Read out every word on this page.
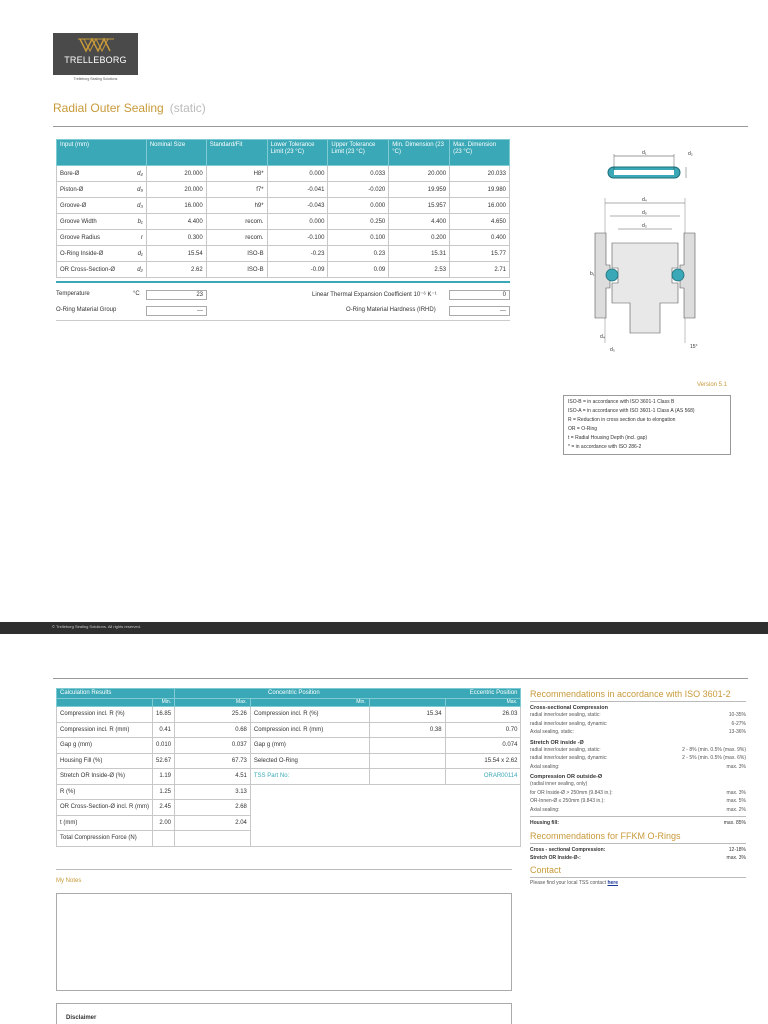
TRELLEBORG
Trelleborg Sealing Solutions
Radial Outer Sealing (static)
Input (mm)	Nominal Size	Standard/Fit	Lower Tolerance Limit (23 °C)	Upper Tolerance Limit (23 °C)	Min. Dimension (23 °C)	Max. Dimension (23 °C)

Bore-Ø d₄	20.000	H8*	0.000	0.033	20.000	20.033

Piston-Ø d₉	20.000	f7*	-0.041	-0.020	19.959	19.980

Groove-Ø d₃	16.000	h9*	-0.043	0.000	15.957	16.000

Groove Width b₁	4.400	recom.	0.000	0.250	4.400	4.650

Groove Radius r	0.300	recom.	-0.100	0.100	0.200	0.400

O-Ring Inside-Ø d₁	15.54	ISO-B	-0.23	0.23	15.31	15.77

OR Cross-Section-Ø d₂	2.62	ISO-B	-0.09	0.09	2.53	2.71
Temperature	°C	23	Linear Thermal Expansion Coefficient 10⁻⁶ K⁻¹	0
O-Ring Material Group	---	O-Ring Material Hardness (IRHD)	---
d₁	d₂
d₄
d₉
d₃
b₁
d₄
d₃	15°
Version 5.1
ISO-B = in accordance with ISO 3601-1 Class B
ISO-A = in accordance with ISO 3601-1 Class A (AS 568)
R = Reduction in cross section due to elongation
OR = O-Ring
t = Radial Housing Depth (incl. gap)
* = in accordance with ISO 286-2
© Trelleborg Sealing Solutions. All rights reserved.
Calculation Results		Concentric Position Eccentric Position			
	Min.	Max.	Min.		Max.
Compression incl. R (%)	16.85	25.26	Compression incl. R (%)	15.34	26.03
Compression incl. R (mm)	0.41	0.68	Compression incl. R (mm)	0.38	0.70
Gap g (mm)	0.010	0.037	Gap g (mm)		0.074
Housing Fill (%)	52.67	67.73	Selected O-Ring		15.54 x 2.62
Stretch OR Inside-Ø (%)	1.19	4.51	TSS Part No:		ORAR00114
R (%)	1.25	3.13			
OR Cross-Section-Ø incl. R (mm)	2.45	2.68			
t (mm)	2.00	2.04			
Total Compression Force (N)					
Recommendations in accordance with ISO 3601-2
Cross-sectional Compression
radial inner/outer sealing, static:	10-35%
radial inner/outer sealing, dynamic:	6-27%
Axial sealing, static:	13-36%
Stretch OR inside -Ø
radial inner/outer sealing, static:	2 - 8% (min. 0.5% (max. 9%)
radial inner/outer sealing, dynamic:	2 - 5% (min. 0.5% (max. 6%)
Axial sealing:	max. 3%
Compression OR outside-Ø
(radial inner sealing, only)
for OR Inside-Ø > 250mm (9.843 in.):	max. 3%
OR-Innen-Ø ≤ 250mm (9.843 in.):	max. 5%
Axial sealing:	max. 2%
Housing fill:	max. 85%
Recommendations for FFKM O-Rings
Cross - sectional Compression:	12-18%
Stretch OR Inside-Ø-:	max. 3%
Contact
Please find your local TSS contact here
My Notes
Disclaimer
